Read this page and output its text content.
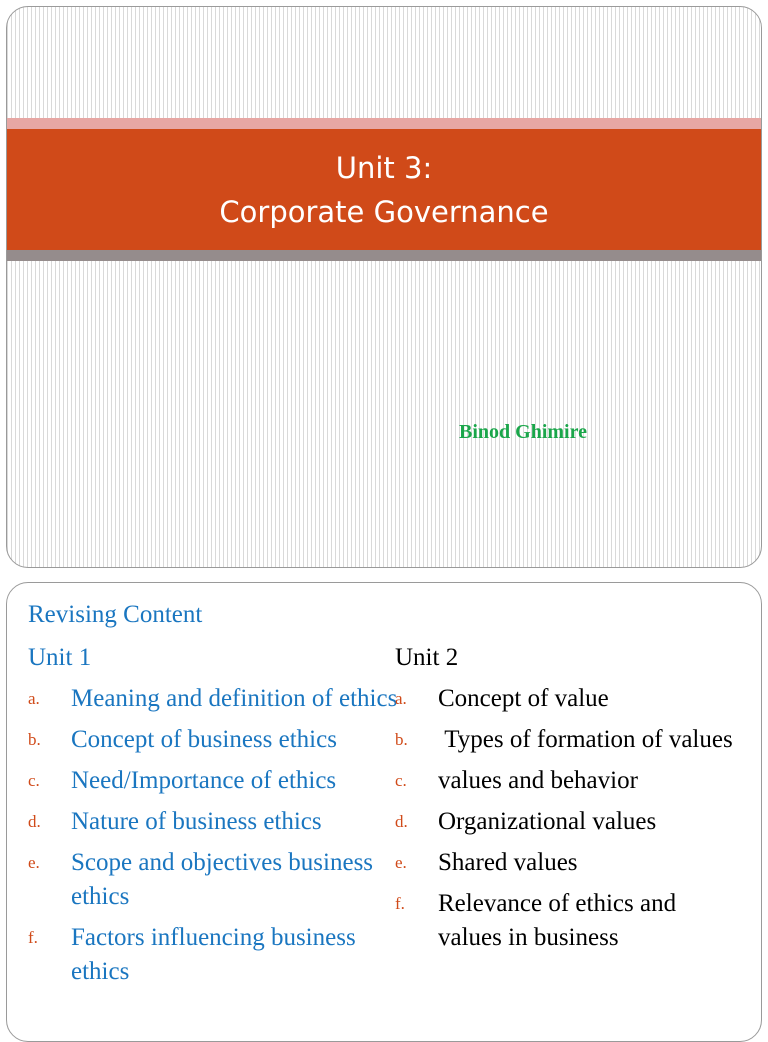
Unit 3:
Corporate Governance
Binod Ghimire
Revising Content
Unit 1
a.	Meaning and definition of ethics
b.	Concept of business ethics
c.	Need/Importance of ethics
d.	Nature of business ethics
e.	Scope and objectives business ethics
f.	Factors influencing business ethics
Unit 2
a.	Concept of value
b.	Types of formation of values
c.	values and behavior
d.	Organizational values
e.	Shared values
f.	Relevance of ethics and values in business
